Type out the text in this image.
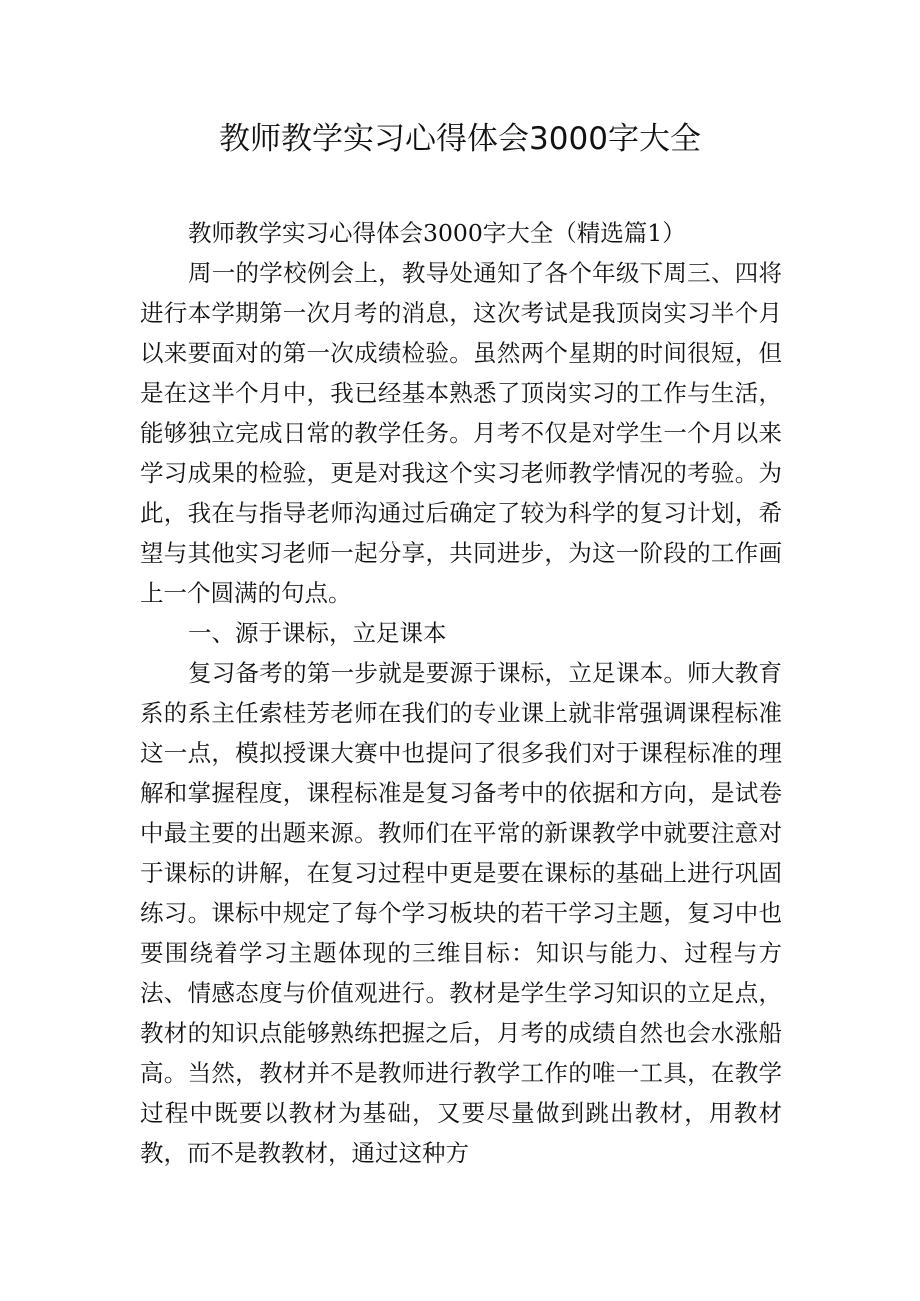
教师教学实习心得体会3000字大全

教师教学实习心得体会3000字大全（精选篇1）

周一的学校例会上，教导处通知了各个年级下周三、四将进行本学期第一次月考的消息，这次考试是我顶岗实习半个月以来要面对的第一次成绩检验。虽然两个星期的时间很短，但是在这半个月中，我已经基本熟悉了顶岗实习的工作与生活，能够独立完成日常的教学任务。月考不仅是对学生一个月以来学习成果的检验，更是对我这个实习老师教学情况的考验。为此，我在与指导老师沟通过后确定了较为科学的复习计划，希望与其他实习老师一起分享，共同进步，为这一阶段的工作画上一个圆满的句点。

一、源于课标，立足课本

复习备考的第一步就是要源于课标，立足课本。师大教育系的系主任索桂芳老师在我们的专业课上就非常强调课程标准这一点，模拟授课大赛中也提问了很多我们对于课程标准的理解和掌握程度，课程标准是复习备考中的依据和方向，是试卷中最主要的出题来源。教师们在平常的新课教学中就要注意对于课标的讲解，在复习过程中更是要在课标的基础上进行巩固练习。课标中规定了每个学习板块的若干学习主题，复习中也要围绕着学习主题体现的三维目标：知识与能力、过程与方法、情感态度与价值观进行。教材是学生学习知识的立足点，教材的知识点能够熟练把握之后，月考的成绩自然也会水涨船高。当然，教材并不是教师进行教学工作的唯一工具，在教学过程中既要以教材为基础，又要尽量做到跳出教材，用教材教，而不是教教材，通过这种方
